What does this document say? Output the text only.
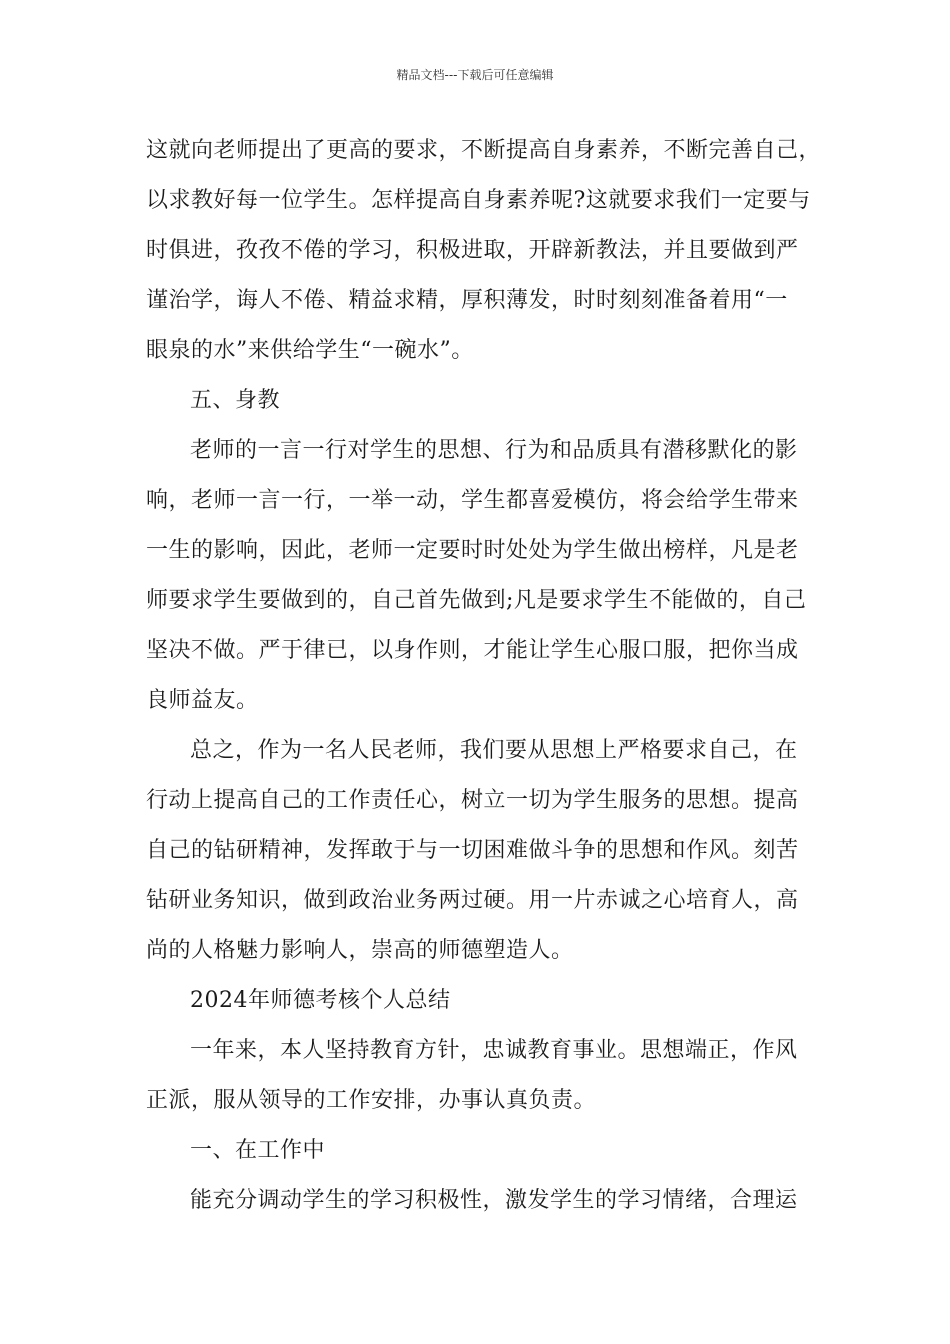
精品文档---下载后可任意编辑
这就向老师提出了更高的要求，不断提高自身素养，不断完善自己，
以求教好每一位学生。怎样提高自身素养呢?这就要求我们一定要与
时俱进，孜孜不倦的学习，积极进取，开辟新教法，并且要做到严
谨治学，诲人不倦、精益求精，厚积薄发，时时刻刻准备着用“一
眼泉的水”来供给学生“一碗水”。
五、身教
老师的一言一行对学生的思想、行为和品质具有潜移默化的影
响，老师一言一行，一举一动，学生都喜爱模仿，将会给学生带来
一生的影响，因此，老师一定要时时处处为学生做出榜样，凡是老
师要求学生要做到的，自己首先做到;凡是要求学生不能做的，自己
坚决不做。严于律已，以身作则，才能让学生心服口服，把你当成
良师益友。
总之，作为一名人民老师，我们要从思想上严格要求自己，在
行动上提高自己的工作责任心，树立一切为学生服务的思想。提高
自己的钻研精神，发挥敢于与一切困难做斗争的思想和作风。刻苦
钻研业务知识，做到政治业务两过硬。用一片赤诚之心培育人，高
尚的人格魅力影响人，崇高的师德塑造人。
2024年师德考核个人总结
一年来，本人坚持教育方针，忠诚教育事业。思想端正，作风
正派，服从领导的工作安排，办事认真负责。
一、在工作中
能充分调动学生的学习积极性，激发学生的学习情绪，合理运
